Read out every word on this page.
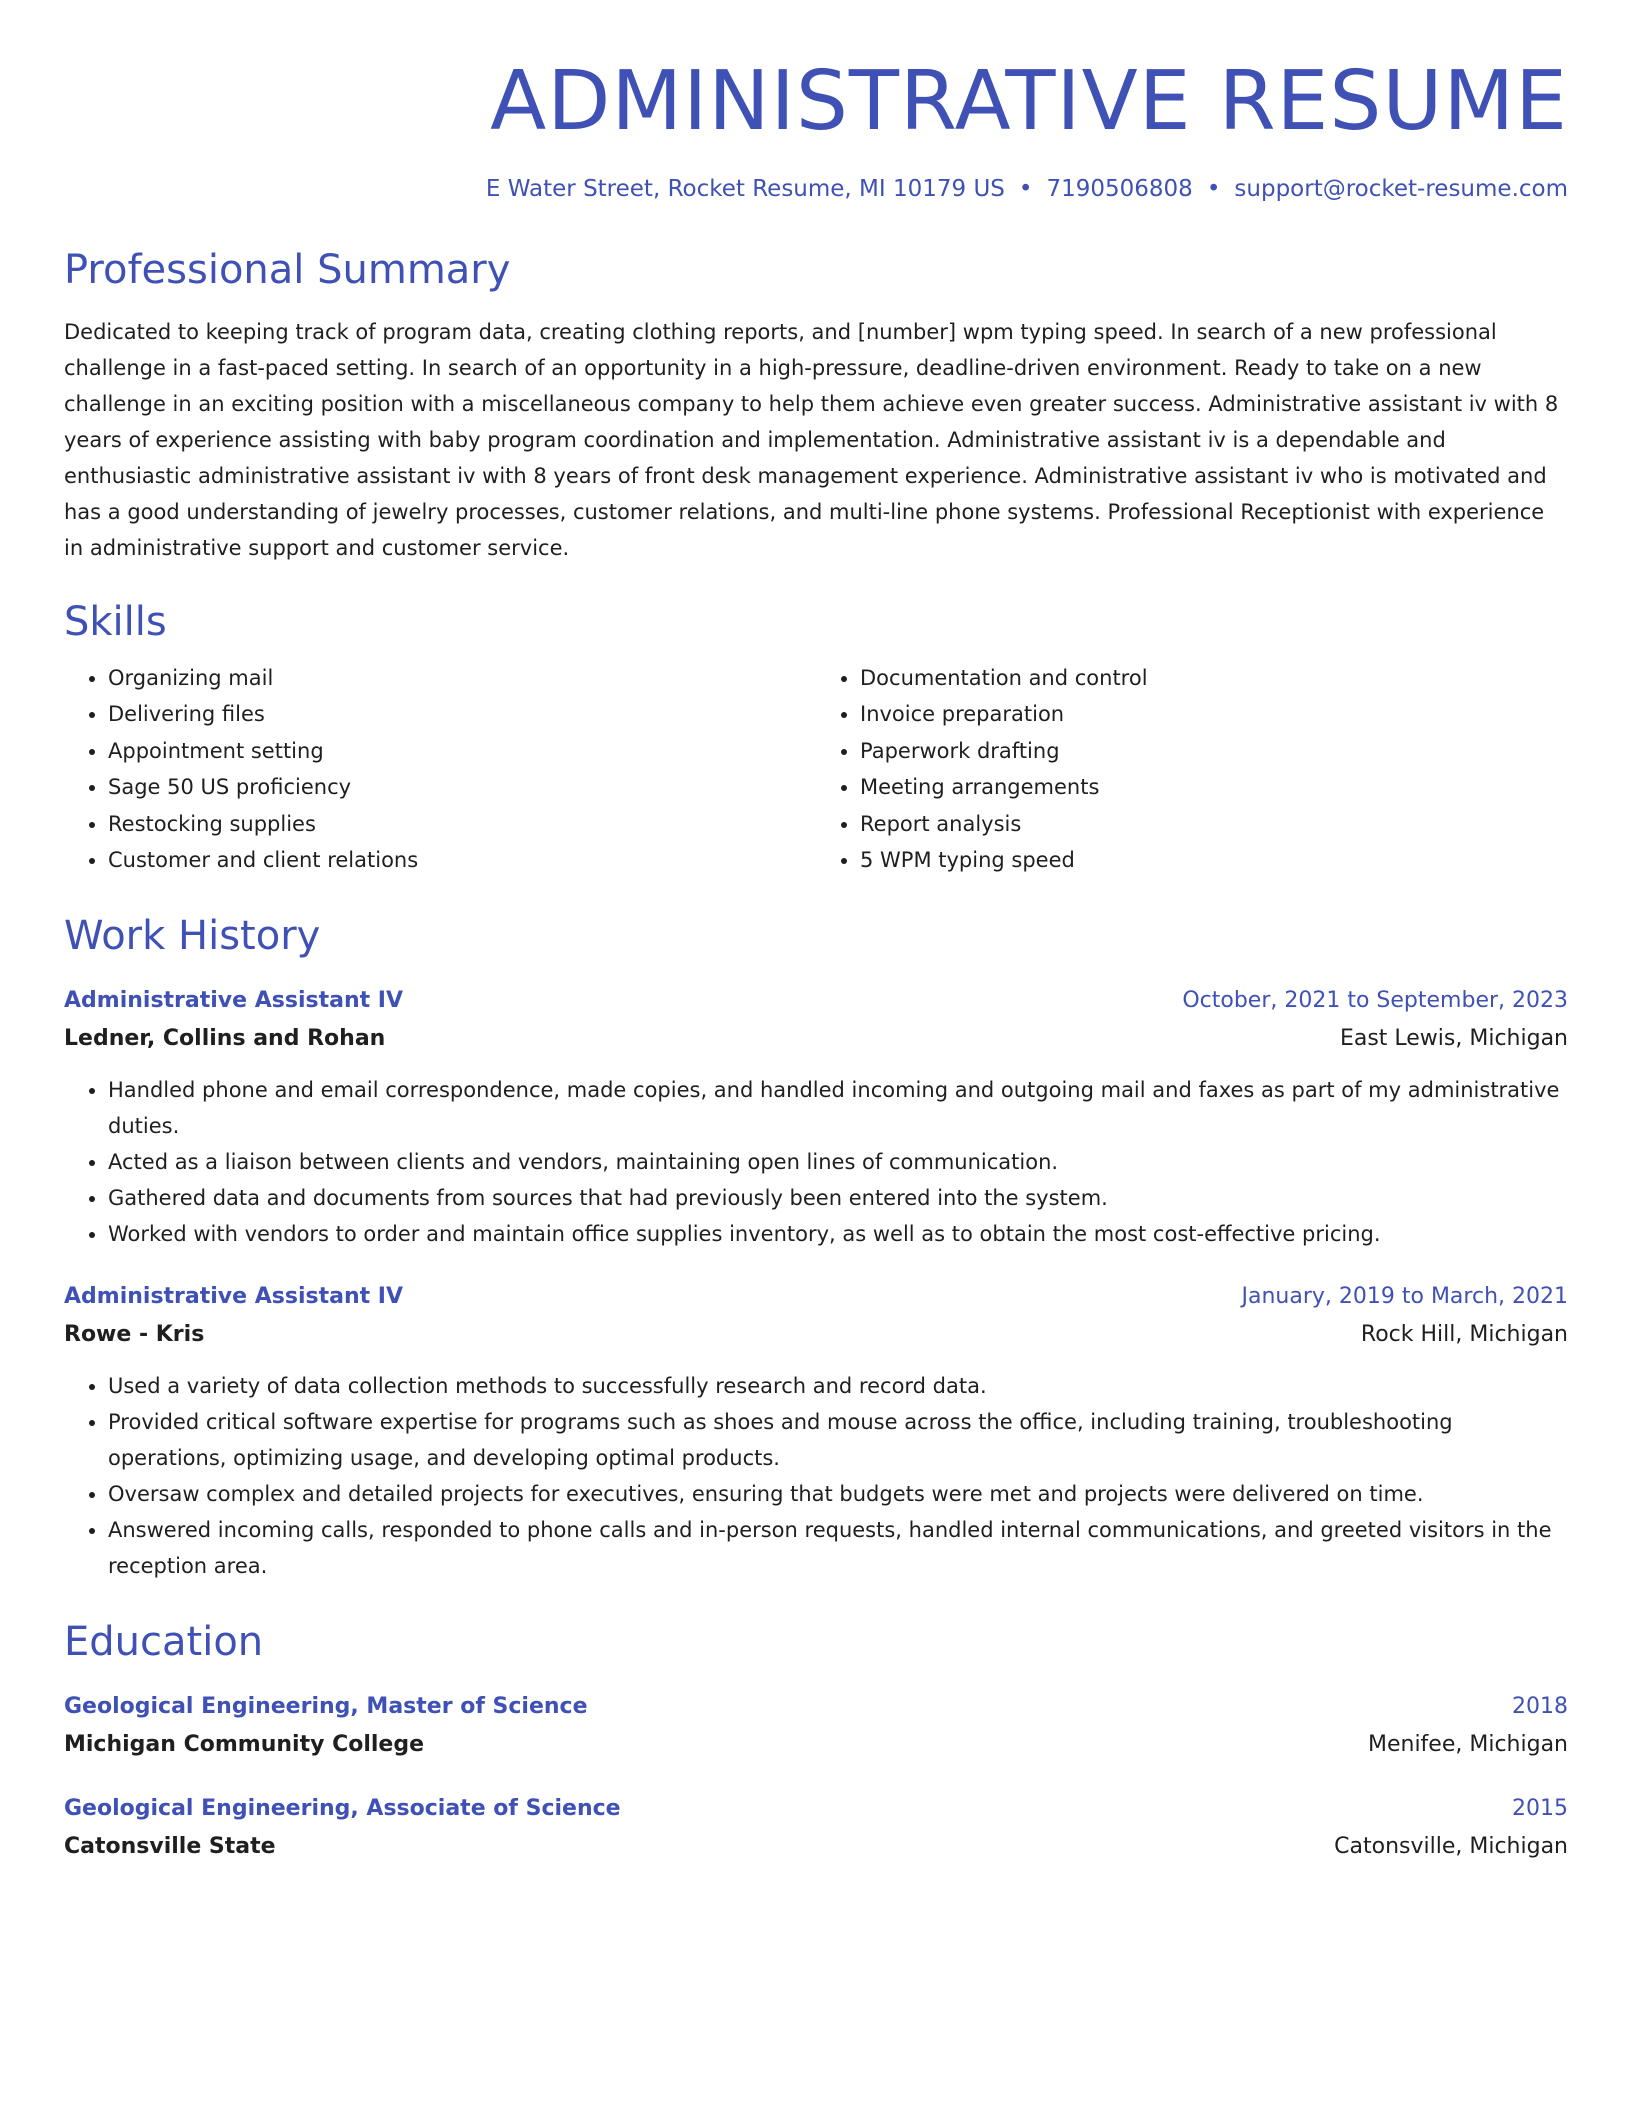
ADMINISTRATIVE RESUME
E Water Street, Rocket Resume, MI 10179 US • 7190506808 • support@rocket-resume.com
Professional Summary

Dedicated to keeping track of program data, creating clothing reports, and [number] wpm typing speed. In search of a new professional challenge in a fast-paced setting. In search of an opportunity in a high-pressure, deadline-driven environment. Ready to take on a new challenge in an exciting position with a miscellaneous company to help them achieve even greater success. Administrative assistant iv with 8 years of experience assisting with baby program coordination and implementation. Administrative assistant iv is a dependable and enthusiastic administrative assistant iv with 8 years of front desk management experience. Administrative assistant iv who is motivated and has a good understanding of jewelry processes, customer relations, and multi-line phone systems. Professional Receptionist with experience in administrative support and customer service.

Skills
• Organizing mail
• Delivering files
• Appointment setting
• Sage 50 US proficiency
• Restocking supplies
• Customer and client relations
• Documentation and control
• Invoice preparation
• Paperwork drafting
• Meeting arrangements
• Report analysis
• 5 WPM typing speed
Work History
Administrative Assistant IV	October, 2021 to September, 2023
Ledner, Collins and Rohan	East Lewis, Michigan
• Handled phone and email correspondence, made copies, and handled incoming and outgoing mail and faxes as part of my administrative duties.
• Acted as a liaison between clients and vendors, maintaining open lines of communication.
• Gathered data and documents from sources that had previously been entered into the system.
• Worked with vendors to order and maintain office supplies inventory, as well as to obtain the most cost-effective pricing.
Administrative Assistant IV	January, 2019 to March, 2021
Rowe - Kris	Rock Hill, Michigan
• Used a variety of data collection methods to successfully research and record data.
• Provided critical software expertise for programs such as shoes and mouse across the office, including training, troubleshooting operations, optimizing usage, and developing optimal products.
• Oversaw complex and detailed projects for executives, ensuring that budgets were met and projects were delivered on time.
• Answered incoming calls, responded to phone calls and in-person requests, handled internal communications, and greeted visitors in the reception area.
Education
Geological Engineering, Master of Science	2018
Michigan Community College	Menifee, Michigan
Geological Engineering, Associate of Science	2015
Catonsville State	Catonsville, Michigan
